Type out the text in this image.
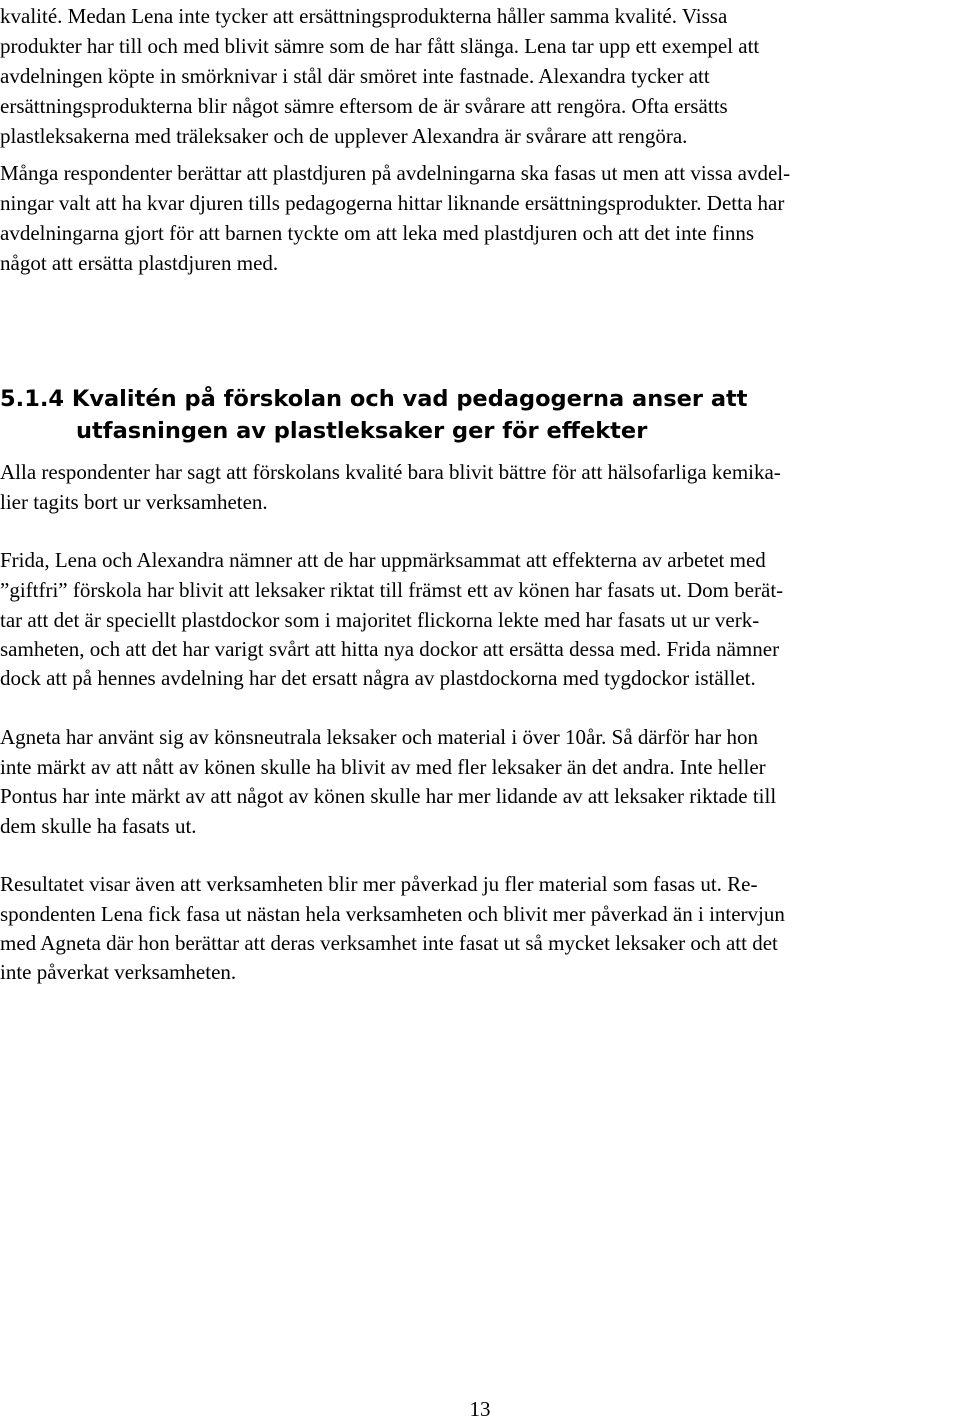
kvalité. Medan Lena inte tycker att ersättningsprodukterna håller samma kvalité. Vissa
produkter har till och med blivit sämre som de har fått slänga. Lena tar upp ett exempel att
avdelningen köpte in smörknivar i stål där smöret inte fastnade. Alexandra tycker att
ersättningsprodukterna blir något sämre eftersom de är svårare att rengöra. Ofta ersätts
plastleksakerna med träleksaker och de upplever Alexandra är svårare att rengöra.
Många respondenter berättar att plastdjuren på avdelningarna ska fasas ut men att vissa avdel-
ningar valt att ha kvar djuren tills pedagogerna hittar liknande ersättningsprodukter. Detta har
avdelningarna gjort för att barnen tyckte om att leka med plastdjuren och att det inte finns
något att ersätta plastdjuren med.
5.1.4 Kvalitén på förskolan och vad pedagogerna anser att
utfasningen av plastleksaker ger för effekter
Alla respondenter har sagt att förskolans kvalité bara blivit bättre för att hälsofarliga kemika-
lier tagits bort ur verksamheten.
Frida, Lena och Alexandra nämner att de har uppmärksammat att effekterna av arbetet med
”giftfri” förskola har blivit att leksaker riktat till främst ett av könen har fasats ut. Dom berät-
tar att det är speciellt plastdockor som i majoritet flickorna lekte med har fasats ut ur verk-
samheten, och att det har varigt svårt att hitta nya dockor att ersätta dessa med. Frida nämner
dock att på hennes avdelning har det ersatt några av plastdockorna med tygdockor istället.
Agneta har använt sig av könsneutrala leksaker och material i över 10år. Så därför har hon
inte märkt av att nått av könen skulle ha blivit av med fler leksaker än det andra. Inte heller
Pontus har inte märkt av att något av könen skulle har mer lidande av att leksaker riktade till
dem skulle ha fasats ut.
Resultatet visar även att verksamheten blir mer påverkad ju fler material som fasas ut. Re-
spondenten Lena fick fasa ut nästan hela verksamheten och blivit mer påverkad än i intervjun
med Agneta där hon berättar att deras verksamhet inte fasat ut så mycket leksaker och att det
inte påverkat verksamheten.
13
